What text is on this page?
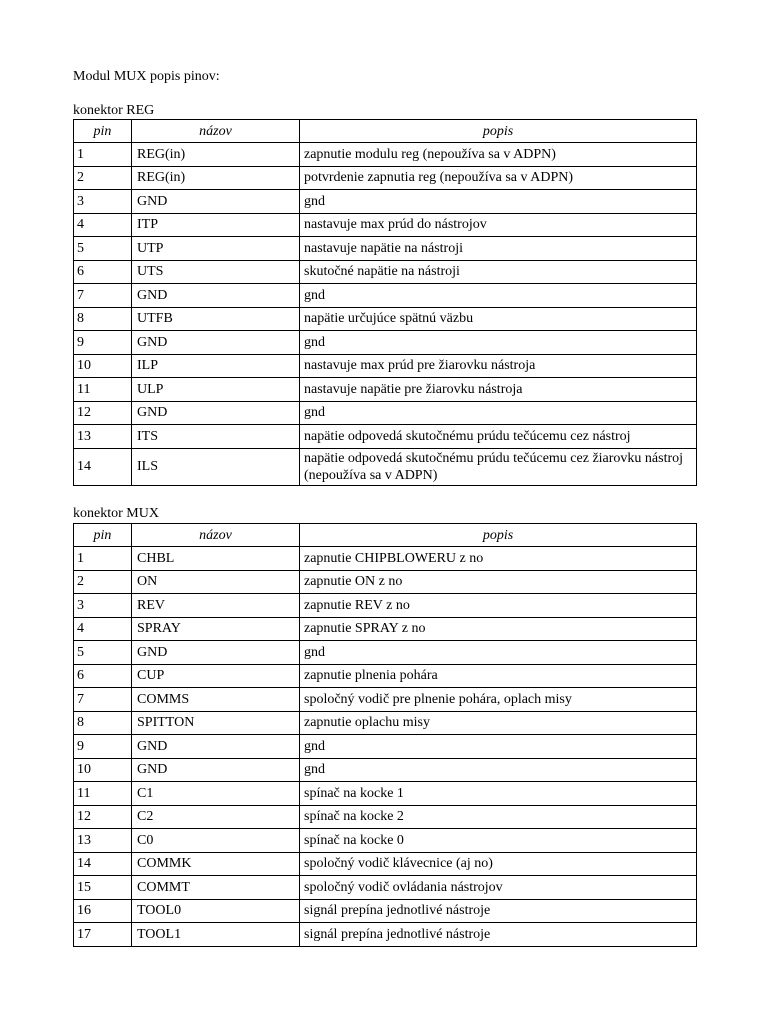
Modul MUX popis pinov:
konektor REG
pin	názov	popis
1	REG(in)	zapnutie modulu reg (nepoužíva sa v ADPN)
2	REG(in)	potvrdenie zapnutia reg (nepoužíva sa v ADPN)
3	GND	gnd
4	ITP	nastavuje max prúd do nástrojov
5	UTP	nastavuje napätie na nástroji
6	UTS	skutočné napätie na nástroji
7	GND	gnd
8	UTFB	napätie určujúce spätnú väzbu
9	GND	gnd
10	ILP	nastavuje max prúd pre žiarovku nástroja
11	ULP	nastavuje napätie pre žiarovku nástroja
12	GND	gnd
13	ITS	napätie odpovedá skutočnému prúdu tečúcemu cez nástroj
14	ILS	napätie odpovedá skutočnému prúdu tečúcemu cez žiarovku nástroj (nepoužíva sa v ADPN)
konektor MUX
pin	názov	popis
1	CHBL	zapnutie CHIPBLOWERU z no
2	ON	zapnutie ON z no
3	REV	zapnutie REV z no
4	SPRAY	zapnutie SPRAY z no
5	GND	gnd
6	CUP	zapnutie plnenia pohára
7	COMMS	spoločný vodič pre plnenie pohára, oplach misy
8	SPITTON	zapnutie oplachu misy
9	GND	gnd
10	GND	gnd
11	C1	spínač na kocke 1
12	C2	spínač na kocke 2
13	C0	spínač na kocke 0
14	COMMK	spoločný vodič klávecnice (aj no)
15	COMMT	spoločný vodič ovládania nástrojov
16	TOOL0	signál prepína jednotlivé nástroje
17	TOOL1	signál prepína jednotlivé nástroje
